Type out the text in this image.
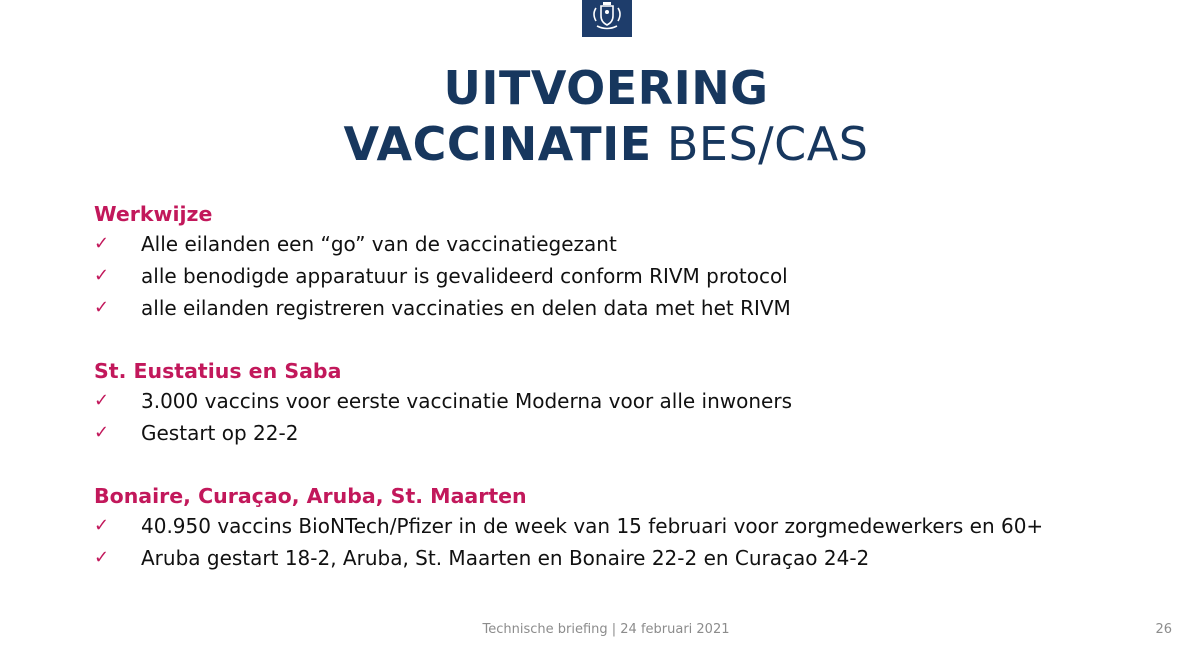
UITVOERING
VACCINATIE BES/CAS

Werkwijze

✓ Alle eilanden een “go” van de vaccinatiegezant
✓ alle benodigde apparatuur is gevalideerd conform RIVM protocol
✓ alle eilanden registreren vaccinaties en delen data met het RIVM

St. Eustatius en Saba

✓ 3.000 vaccins voor eerste vaccinatie Moderna voor alle inwoners
✓ Gestart op 22-2

Bonaire, Curaçao, Aruba, St. Maarten

✓ 40.950 vaccins BioNTech/Pfizer in de week van 15 februari voor zorgmedewerkers en 60+
✓ Aruba gestart 18-2, Aruba, St. Maarten en Bonaire 22-2 en Curaçao 24-2
Technische briefing | 24 februari 2021	26
